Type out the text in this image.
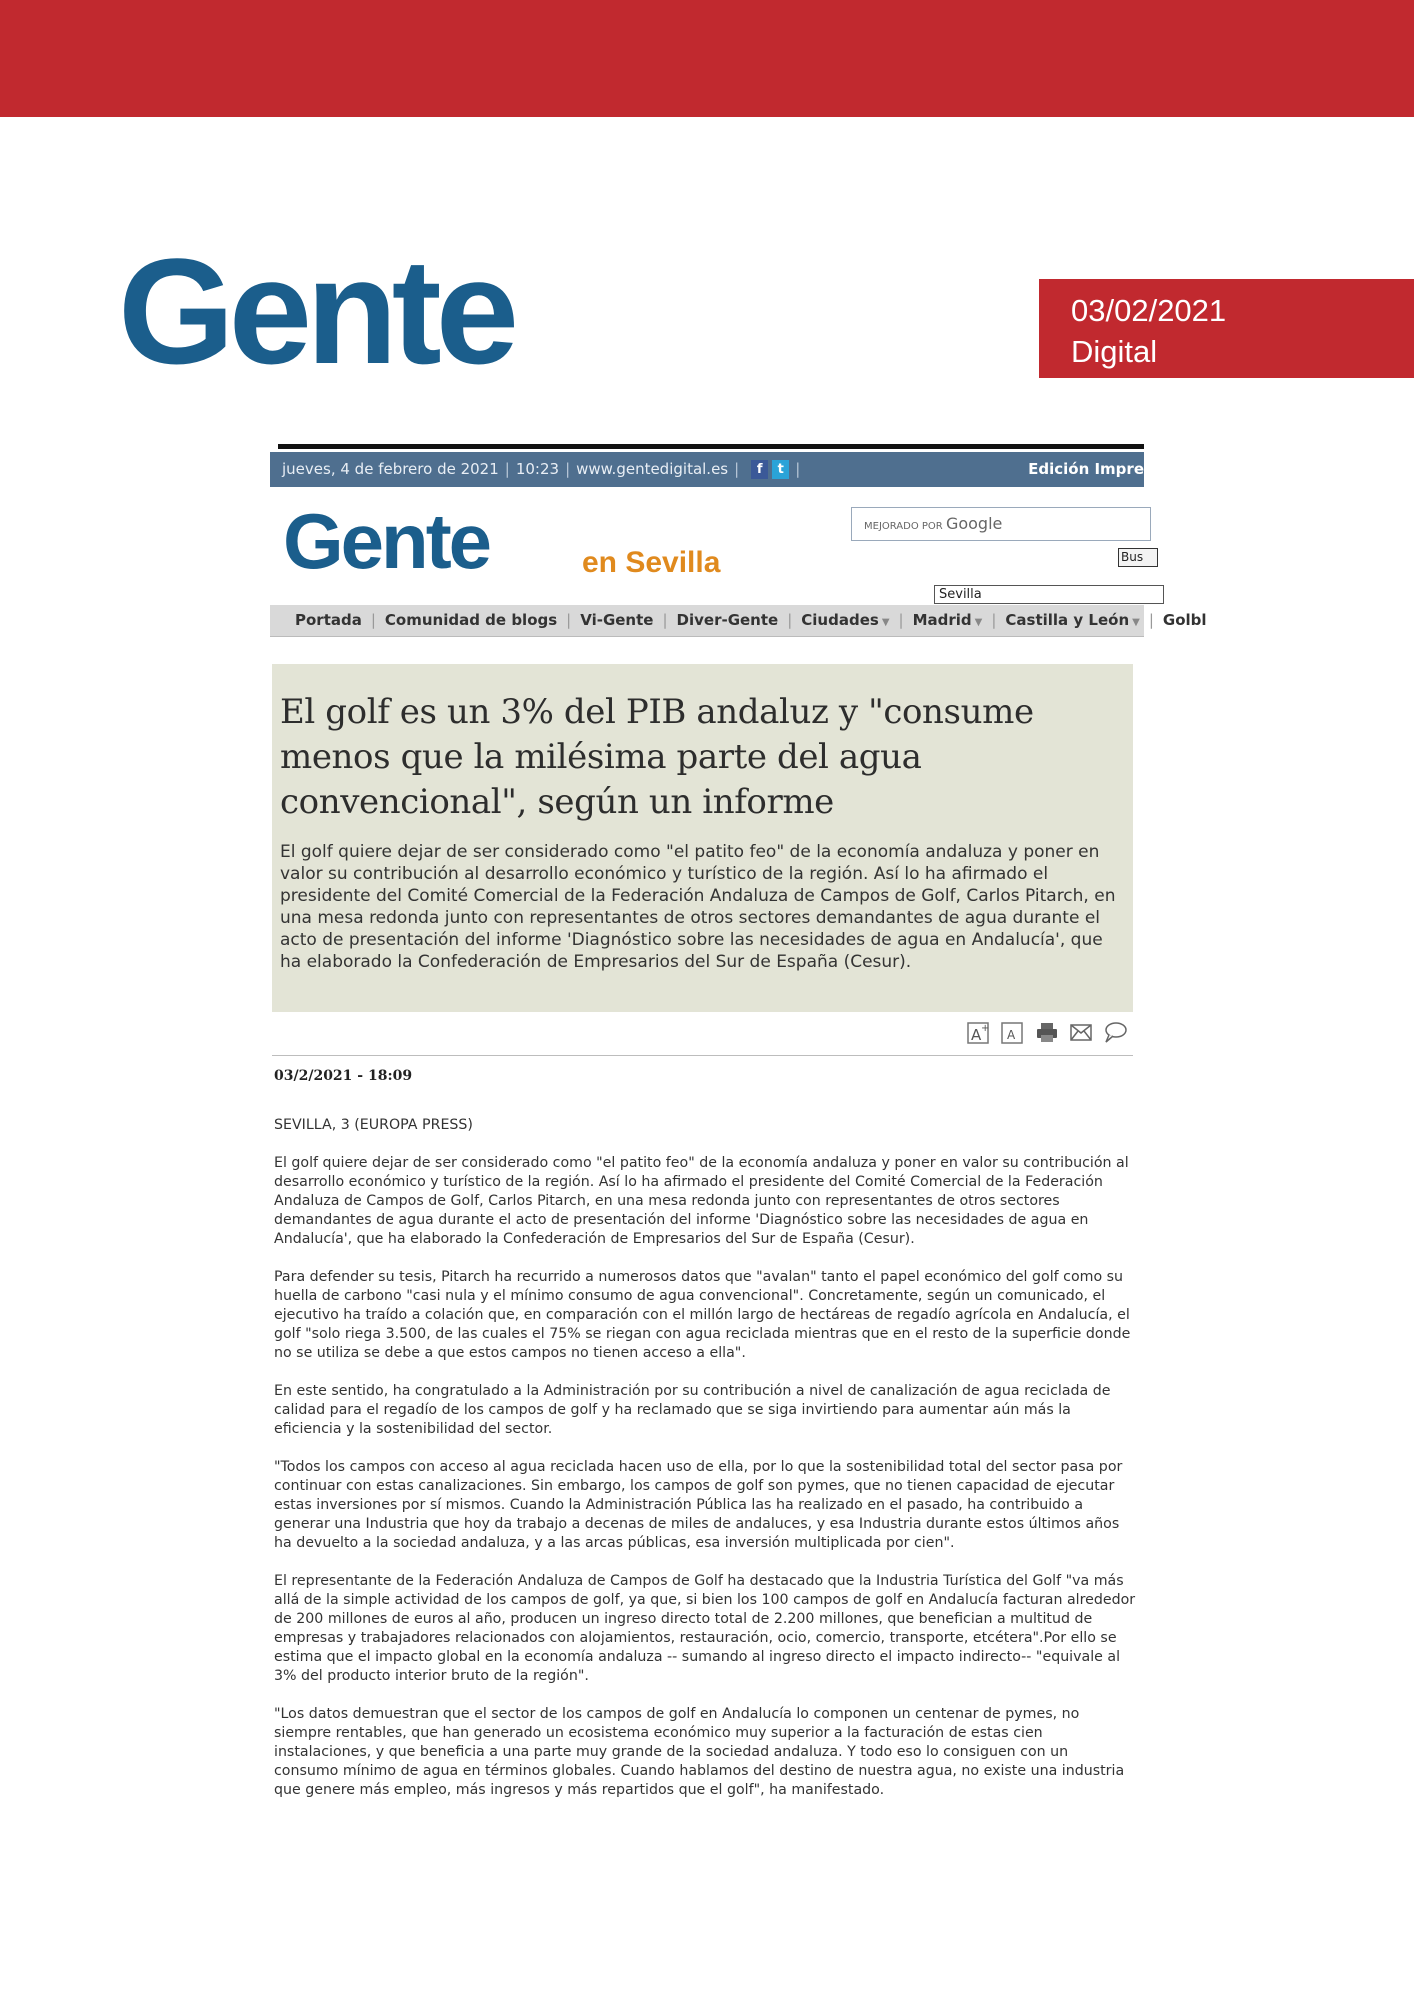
Gente	03/02/2021
Digital
jueves, 4 de febrero de 2021 | 10:23 | www.gentedigital.es | f t |	Edición Impre
Gente	en Sevilla
MEJORADO POR Google
Bus
Sevilla
Portada | Comunidad de blogs | Vi-Gente | Diver-Gente | Ciudades ▼ | Madrid ▼ | Castilla y León ▼ | Golbl
El golf es un 3% del PIB andaluz y "consume menos que la milésima parte del agua convencional", según un informe

El golf quiere dejar de ser considerado como "el patito feo" de la economía andaluza y poner en valor su contribución al desarrollo económico y turístico de la región. Así lo ha afirmado el presidente del Comité Comercial de la Federación Andaluza de Campos de Golf, Carlos Pitarch, en una mesa redonda junto con representantes de otros sectores demandantes de agua durante el acto de presentación del informe 'Diagnóstico sobre las necesidades de agua en Andalucía', que ha elaborado la Confederación de Empresarios del Sur de España (Cesur).

A + A
03/2/2021 - 18:09
SEVILLA, 3 (EUROPA PRESS)

El golf quiere dejar de ser considerado como "el patito feo" de la economía andaluza y poner en valor su contribución al desarrollo económico y turístico de la región. Así lo ha afirmado el presidente del Comité Comercial de la Federación Andaluza de Campos de Golf, Carlos Pitarch, en una mesa redonda junto con representantes de otros sectores demandantes de agua durante el acto de presentación del informe 'Diagnóstico sobre las necesidades de agua en Andalucía', que ha elaborado la Confederación de Empresarios del Sur de España (Cesur).

Para defender su tesis, Pitarch ha recurrido a numerosos datos que "avalan" tanto el papel económico del golf como su huella de carbono "casi nula y el mínimo consumo de agua convencional". Concretamente, según un comunicado, el ejecutivo ha traído a colación que, en comparación con el millón largo de hectáreas de regadío agrícola en Andalucía, el golf "solo riega 3.500, de las cuales el 75% se riegan con agua reciclada mientras que en el resto de la superficie donde no se utiliza se debe a que estos campos no tienen acceso a ella".

En este sentido, ha congratulado a la Administración por su contribución a nivel de canalización de agua reciclada de calidad para el regadío de los campos de golf y ha reclamado que se siga invirtiendo para aumentar aún más la eficiencia y la sostenibilidad del sector.

"Todos los campos con acceso al agua reciclada hacen uso de ella, por lo que la sostenibilidad total del sector pasa por continuar con estas canalizaciones. Sin embargo, los campos de golf son pymes, que no tienen capacidad de ejecutar estas inversiones por sí mismos. Cuando la Administración Pública las ha realizado en el pasado, ha contribuido a generar una Industria que hoy da trabajo a decenas de miles de andaluces, y esa Industria durante estos últimos años ha devuelto a la sociedad andaluza, y a las arcas públicas, esa inversión multiplicada por cien".

El representante de la Federación Andaluza de Campos de Golf ha destacado que la Industria Turística del Golf "va más allá de la simple actividad de los campos de golf, ya que, si bien los 100 campos de golf en Andalucía facturan alrededor de 200 millones de euros al año, producen un ingreso directo total de 2.200 millones, que benefician a multitud de empresas y trabajadores relacionados con alojamientos, restauración, ocio, comercio, transporte, etcétera".Por ello se estima que el impacto global en la economía andaluza -- sumando al ingreso directo el impacto indirecto-- "equivale al 3% del producto interior bruto de la región".

"Los datos demuestran que el sector de los campos de golf en Andalucía lo componen un centenar de pymes, no siempre rentables, que han generado un ecosistema económico muy superior a la facturación de estas cien instalaciones, y que beneficia a una parte muy grande de la sociedad andaluza. Y todo eso lo consiguen con un consumo mínimo de agua en términos globales. Cuando hablamos del destino de nuestra agua, no existe una industria que genere más empleo, más ingresos y más repartidos que el golf", ha manifestado.
